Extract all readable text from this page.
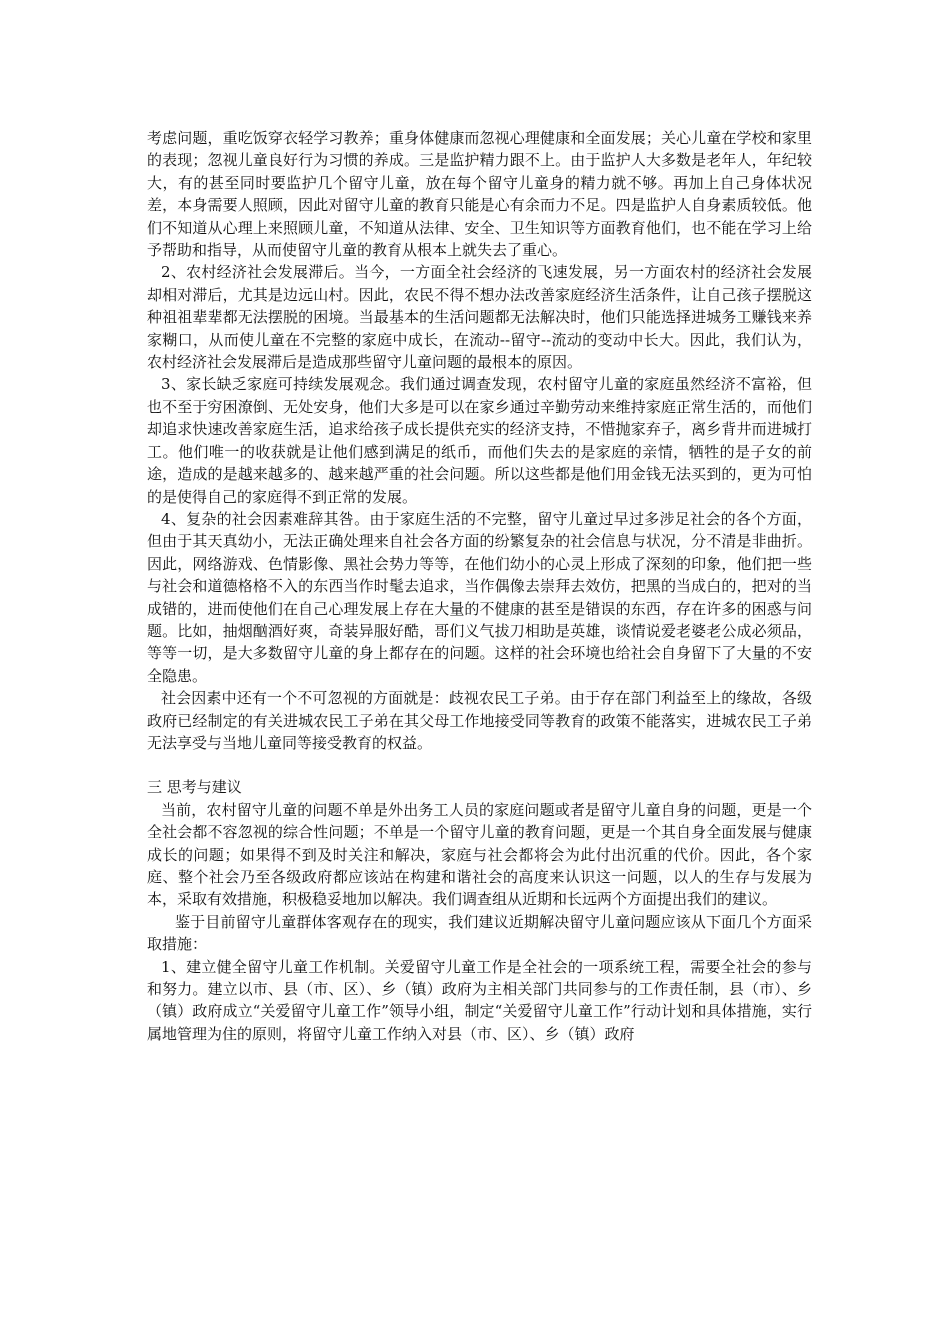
考虑问题，重吃饭穿衣轻学习教养；重身体健康而忽视心理健康和全面发展；关心儿童在学校和家里的表现；忽视儿童良好行为习惯的养成。三是监护精力跟不上。由于监护人大多数是老年人，年纪较大，有的甚至同时要监护几个留守儿童，放在每个留守儿童身的精力就不够。再加上自己身体状况差，本身需要人照顾，因此对留守儿童的教育只能是心有余而力不足。四是监护人自身素质较低。他们不知道从心理上来照顾儿童，不知道从法律、安全、卫生知识等方面教育他们，也不能在学习上给予帮助和指导，从而使留守儿童的教育从根本上就失去了重心。

2、农村经济社会发展滞后。当今，一方面全社会经济的飞速发展，另一方面农村的经济社会发展却相对滞后，尤其是边远山村。因此，农民不得不想办法改善家庭经济生活条件，让自己孩子摆脱这种祖祖辈辈都无法摆脱的困境。当最基本的生活问题都无法解决时，他们只能选择进城务工赚钱来养家糊口，从而使儿童在不完整的家庭中成长，在流动--留守--流动的变动中长大。因此，我们认为，农村经济社会发展滞后是造成那些留守儿童问题的最根本的原因。

3、家长缺乏家庭可持续发展观念。我们通过调查发现，农村留守儿童的家庭虽然经济不富裕，但也不至于穷困潦倒、无处安身，他们大多是可以在家乡通过辛勤劳动来维持家庭正常生活的，而他们却追求快速改善家庭生活，追求给孩子成长提供充实的经济支持，不惜抛家弃子，离乡背井而进城打工。他们唯一的收获就是让他们感到满足的纸币，而他们失去的是家庭的亲情，牺牲的是子女的前途，造成的是越来越多的、越来越严重的社会问题。所以这些都是他们用金钱无法买到的，更为可怕的是使得自己的家庭得不到正常的发展。

4、复杂的社会因素难辞其咎。由于家庭生活的不完整，留守儿童过早过多涉足社会的各个方面，但由于其天真幼小，无法正确处理来自社会各方面的纷繁复杂的社会信息与状况，分不清是非曲折。因此，网络游戏、色情影像、黑社会势力等等，在他们幼小的心灵上形成了深刻的印象，他们把一些与社会和道德格格不入的东西当作时髦去追求，当作偶像去崇拜去效仿，把黑的当成白的，把对的当成错的，进而使他们在自己心理发展上存在大量的不健康的甚至是错误的东西，存在许多的困惑与问题。比如，抽烟酗酒好爽，奇装异服好酷，哥们义气拔刀相助是英雄，谈情说爱老婆老公成必须品，等等一切，是大多数留守儿童的身上都存在的问题。这样的社会环境也给社会自身留下了大量的不安全隐患。

社会因素中还有一个不可忽视的方面就是：歧视农民工子弟。由于存在部门利益至上的缘故，各级政府已经制定的有关进城农民工子弟在其父母工作地接受同等教育的政策不能落实，进城农民工子弟无法享受与当地儿童同等接受教育的权益。

三 思考与建议

当前，农村留守儿童的问题不单是外出务工人员的家庭问题或者是留守儿童自身的问题，更是一个全社会都不容忽视的综合性问题；不单是一个留守儿童的教育问题，更是一个其自身全面发展与健康成长的问题；如果得不到及时关注和解决，家庭与社会都将会为此付出沉重的代价。因此，各个家庭、整个社会乃至各级政府都应该站在构建和谐社会的高度来认识这一问题，以人的生存与发展为本，采取有效措施，积极稳妥地加以解决。我们调查组从近期和长远两个方面提出我们的建议。

鉴于目前留守儿童群体客观存在的现实，我们建议近期解决留守儿童问题应该从下面几个方面采取措施：

1、建立健全留守儿童工作机制。关爱留守儿童工作是全社会的一项系统工程，需要全社会的参与和努力。建立以市、县（市、区）、乡（镇）政府为主相关部门共同参与的工作责任制，县（市）、乡（镇）政府成立“关爱留守儿童工作”领导小组，制定“关爱留守儿童工作”行动计划和具体措施，实行属地管理为住的原则，将留守儿童工作纳入对县（市、区）、乡（镇）政府
